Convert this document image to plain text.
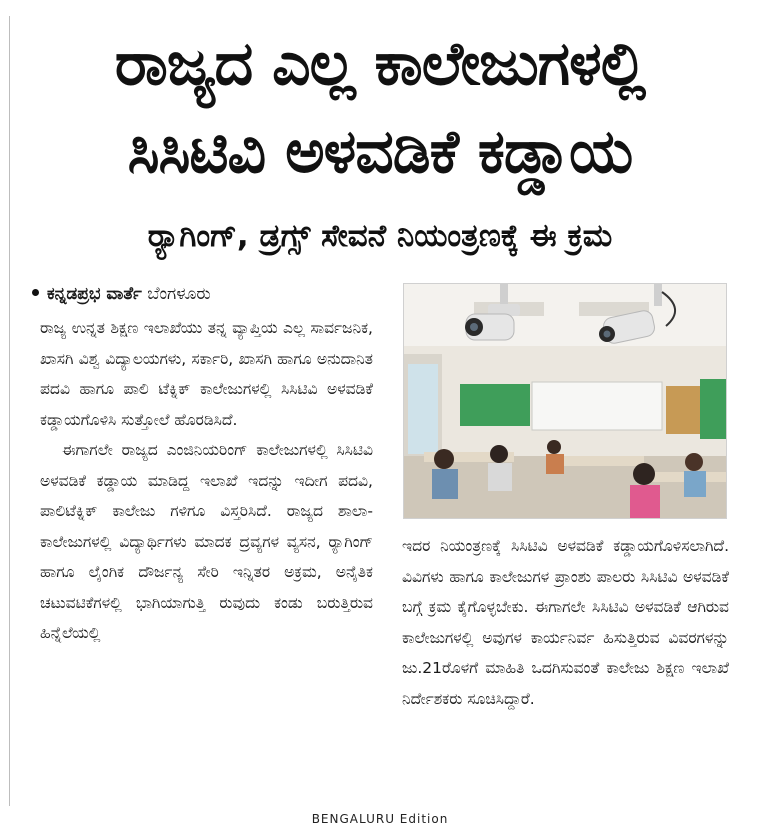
ರಾಜ್ಯದ ಎಲ್ಲ ಕಾಲೇಜುಗಳಲ್ಲಿ
ಸಿಸಿಟಿವಿ ಅಳವಡಿಕೆ ಕಡ್ಡಾಯ
ರ‍್ಯಾಗಿಂಗ್, ಡ್ರಗ್ಸ್ ಸೇವನೆ ನಿಯಂತ್ರಣಕ್ಕೆ ಈ ಕ್ರಮ
ಕನ್ನಡಪ್ರಭ ವಾರ್ತೆ ಬೆಂಗಳೂರು

ರಾಜ್ಯ ಉನ್ನತ ಶಿಕ್ಷಣ ಇಲಾಖೆಯು ತನ್ನ ವ್ಯಾಪ್ತಿಯ ಎಲ್ಲ ಸಾರ್ವಜನಿಕ, ಖಾಸಗಿ ವಿಶ್ವ ವಿದ್ಯಾಲಯಗಳು, ಸರ್ಕಾರಿ, ಖಾಸಗಿ ಹಾಗೂ ಅನುದಾನಿತ ಪದವಿ ಹಾಗೂ ಪಾಲಿ ಟೆಕ್ನಿಕ್ ಕಾಲೇಜುಗಳಲ್ಲಿ ಸಿಸಿಟಿವಿ ಅಳವಡಿಕೆ ಕಡ್ಡಾಯಗೊಳಿಸಿ ಸುತ್ತೋಲೆ ಹೊರಡಿಸಿದೆ.

ಈಗಾಗಲೇ ರಾಜ್ಯದ ಎಂಜಿನಿಯರಿಂಗ್ ಕಾಲೇಜುಗಳಲ್ಲಿ ಸಿಸಿಟಿವಿ ಅಳವಡಿಕೆ ಕಡ್ಡಾಯ ಮಾಡಿದ್ದ ಇಲಾಖೆ ಇದನ್ನು ಇದೀಗ ಪದವಿ, ಪಾಲಿಟೆಕ್ನಿಕ್ ಕಾಲೇಜು ಗಳಿಗೂ ವಿಸ್ತರಿಸಿದೆ. ರಾಜ್ಯದ ಶಾಲಾ-ಕಾಲೇಜುಗಳಲ್ಲಿ ವಿದ್ಯಾರ್ಥಿಗಳು ಮಾದಕ ದ್ರವ್ಯಗಳ ವ್ಯಸನ, ರ‍್ಯಾಗಿಂಗ್ ಹಾಗೂ ಲೈಂಗಿಕ ದೌರ್ಜನ್ಯ ಸೇರಿ ಇನ್ನಿತರ ಅಕ್ರಮ, ಅನೈತಿಕ ಚಟುವಟಿಕೆಗಳಲ್ಲಿ ಭಾಗಿಯಾಗುತ್ತಿ ರುವುದು ಕಂಡು ಬರುತ್ತಿರುವ ಹಿನ್ನೆಲೆಯಲ್ಲಿ

ಇದರ ನಿಯಂತ್ರಣಕ್ಕೆ ಸಿಸಿಟಿವಿ ಅಳವಡಿಕೆ ಕಡ್ಡಾಯಗೊಳಿಸಲಾಗಿದೆ. ವಿವಿಗಳು ಹಾಗೂ ಕಾಲೇಜುಗಳ ಪ್ರಾಂಶು ಪಾಲರು ಸಿಸಿಟಿವಿ ಅಳವಡಿಕೆ ಬಗ್ಗೆ ಕ್ರಮ ಕೈಗೊಳ್ಳಬೇಕು. ಈಗಾಗಲೇ ಸಿಸಿಟಿವಿ ಅಳವಡಿಕೆ ಆಗಿರುವ ಕಾಲೇಜುಗಳಲ್ಲಿ ಅವುಗಳ ಕಾರ್ಯನಿರ್ವ ಹಿಸುತ್ತಿರುವ ವಿವರಗಳನ್ನು ಜು.21ರೊಳಗೆ ಮಾಹಿತಿ ಒದಗಿಸುವಂತೆ ಕಾಲೇಜು ಶಿಕ್ಷಣ ಇಲಾಖೆ ನಿರ್ದೇಶಕರು ಸೂಚಿಸಿದ್ದಾರೆ.

BENGALURU Edition
